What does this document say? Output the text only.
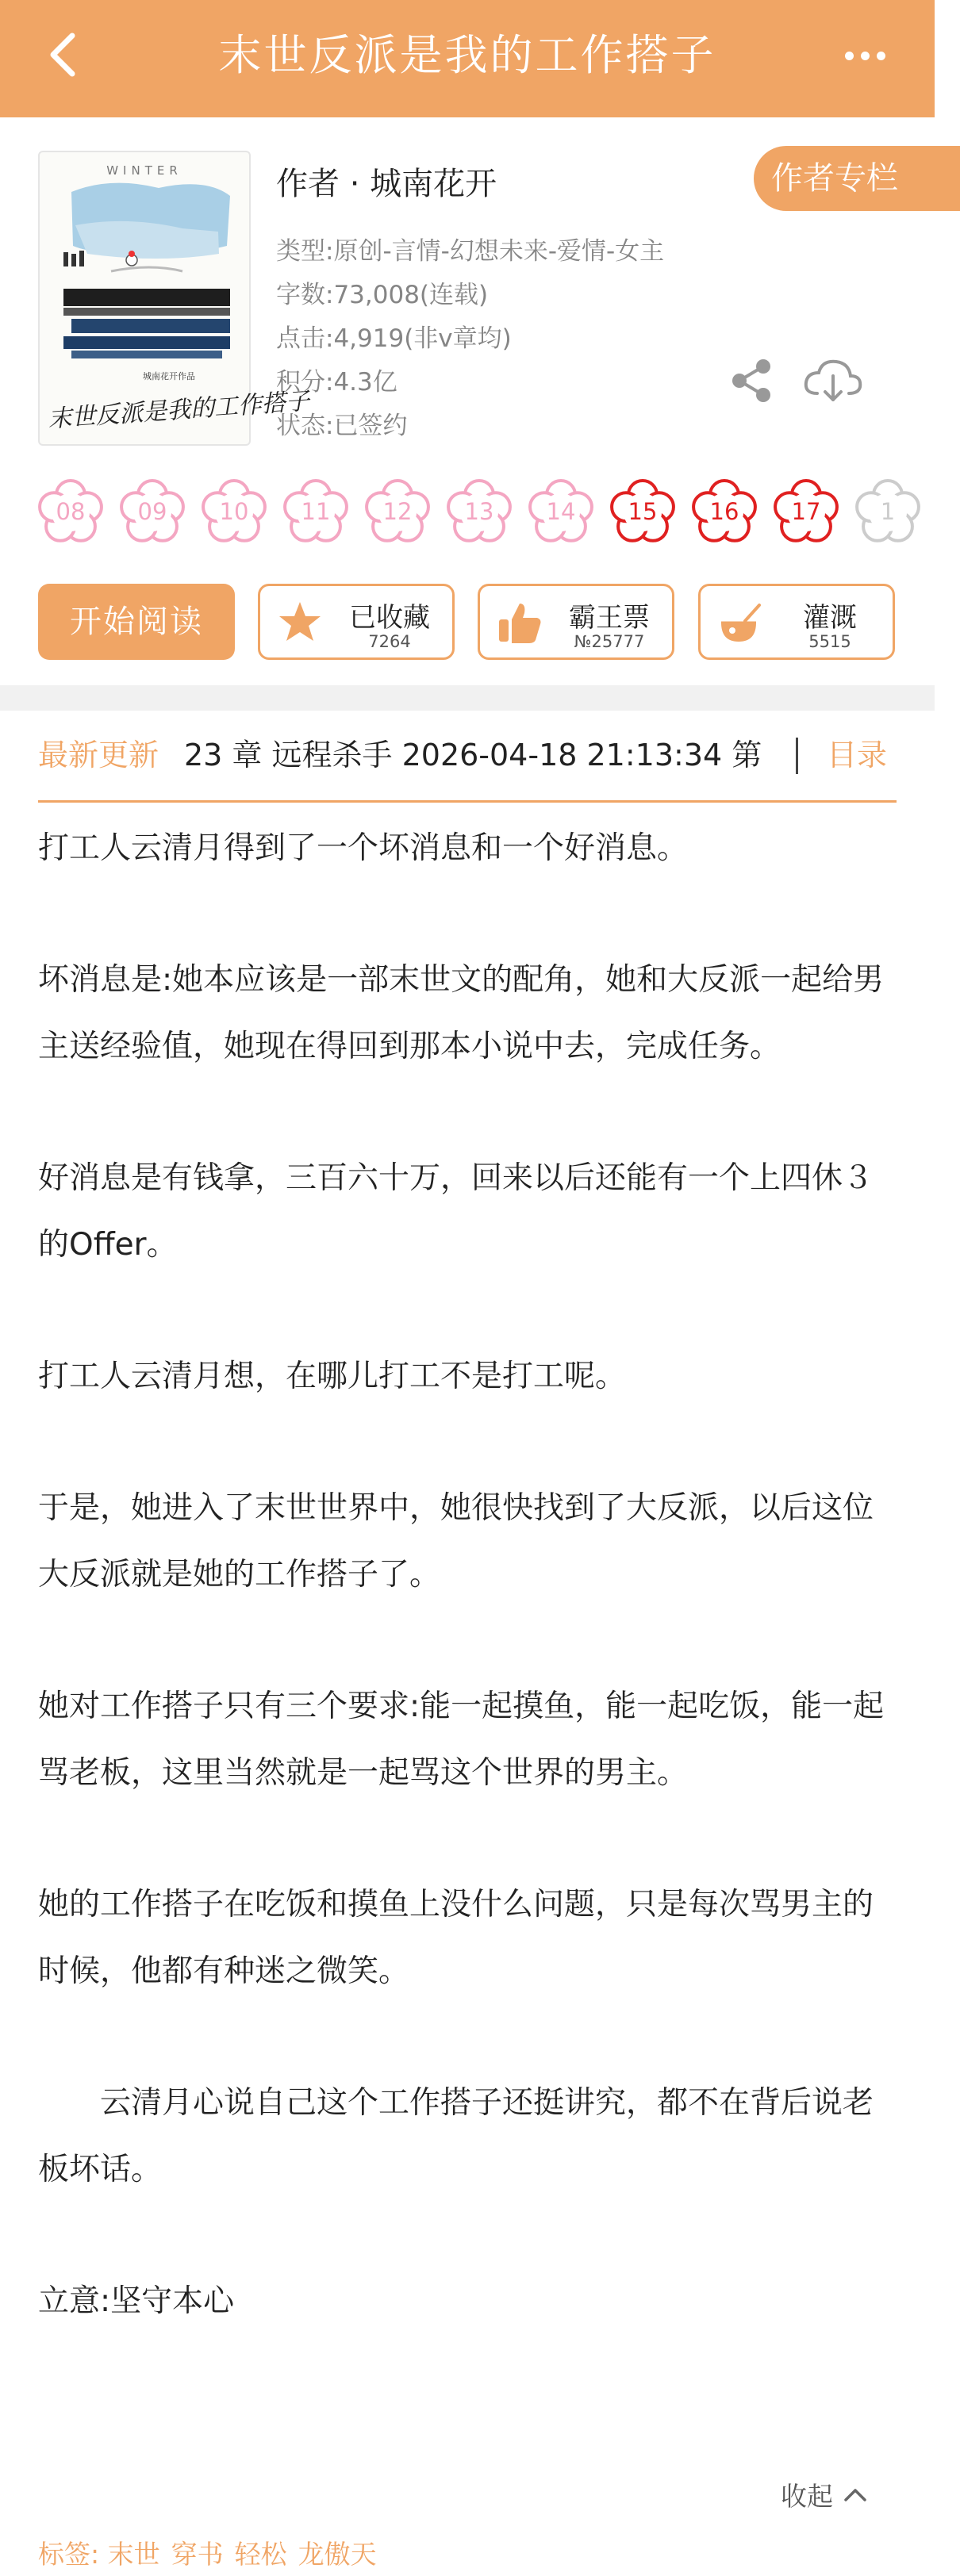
末世反派是我的工作搭子
WINTER
城南花开作品
末世反派是我的工作搭子
作者 · 城南花开	作者专栏
类型:原创-言情-幻想未来-爱情-女主
字数:73,008(连载)
点击:4,919(非v章均)
积分:4.3亿
状态:已签约
08	09	10	11	12	13	14	15	16	17	1
开始阅读	已收藏
7264
霸王票
№25777
灌溉
5515
最新更新 23 章 远程杀手 2026-04-18 21:13:34 第	目录

打工人云清月得到了一个坏消息和一个好消息。

坏消息是:她本应该是一部末世文的配角，她和大反派一起给男主送经验值，她现在得回到那本小说中去，完成任务。

好消息是有钱拿，三百六十万，回来以后还能有一个上四休３的Offer。

打工人云清月想，在哪儿打工不是打工呢。

于是，她进入了末世世界中，她很快找到了大反派，以后这位大反派就是她的工作搭子了。

她对工作搭子只有三个要求:能一起摸鱼，能一起吃饭，能一起骂老板，这里当然就是一起骂这个世界的男主。

她的工作搭子在吃饭和摸鱼上没什么问题，只是每次骂男主的时候，他都有种迷之微笑。

　　云清月心说自己这个工作搭子还挺讲究，都不在背后说老板坏话。

立意:坚守本心

收起
标签: 末世 穿书 轻松 龙傲天
